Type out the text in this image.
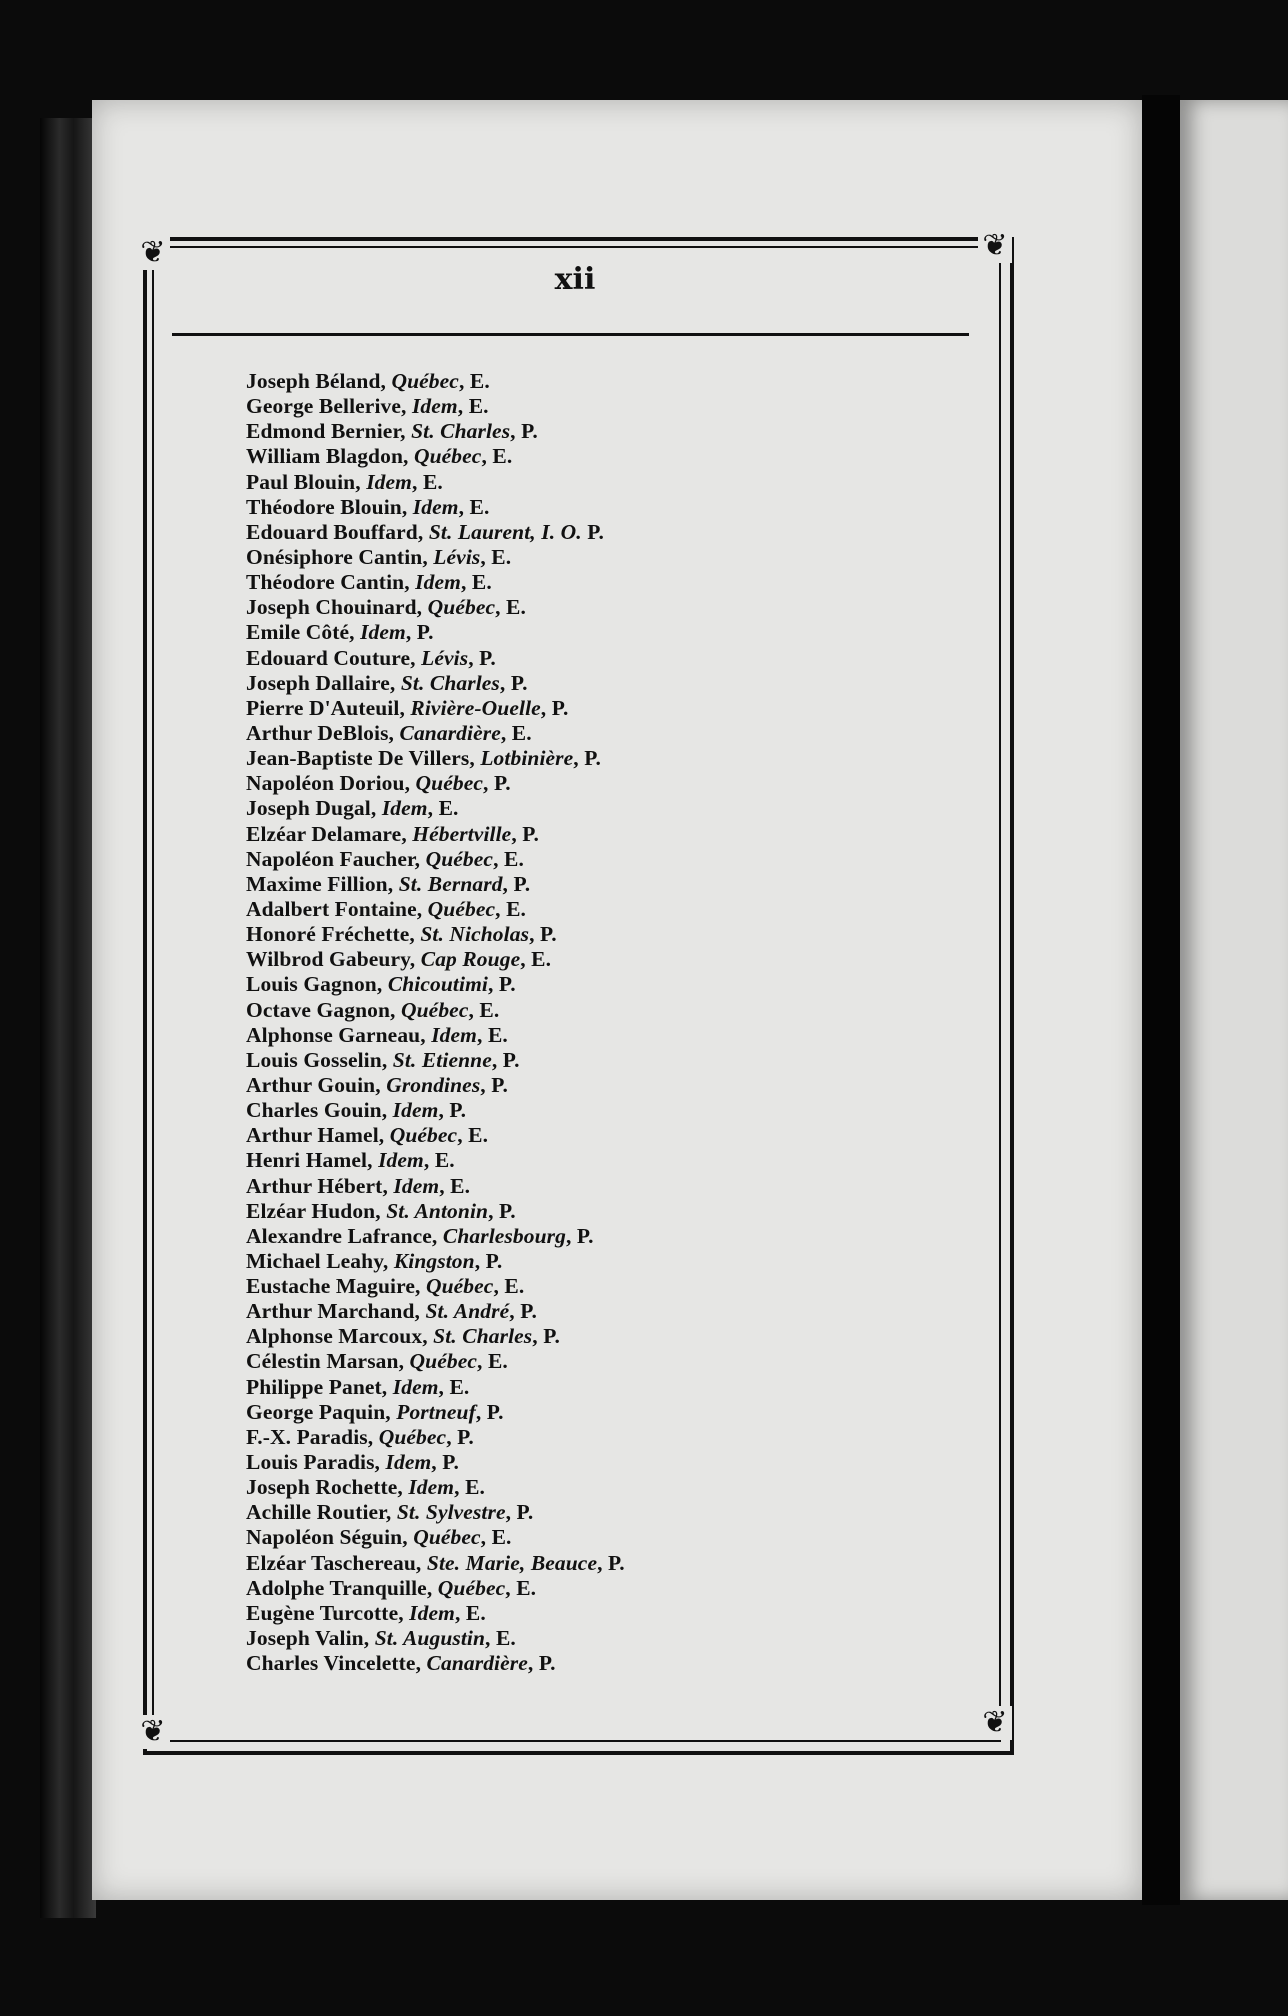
❦	❦
❦	❦
xii
Joseph Béland, Québec, E.
George Bellerive, Idem, E.
Edmond Bernier, St. Charles, P.
William Blagdon, Québec, E.
Paul Blouin, Idem, E.
Théodore Blouin, Idem, E.
Edouard Bouffard, St. Laurent, I. O. P.
Onésiphore Cantin, Lévis, E.
Théodore Cantin, Idem, E.
Joseph Chouinard, Québec, E.
Emile Côté, Idem, P.
Edouard Couture, Lévis, P.
Joseph Dallaire, St. Charles, P.
Pierre D'Auteuil, Rivière-Ouelle, P.
Arthur DeBlois, Canardière, E.
Jean-Baptiste De Villers, Lotbinière, P.
Napoléon Doriou, Québec, P.
Joseph Dugal, Idem, E.
Elzéar Delamare, Hébertville, P.
Napoléon Faucher, Québec, E.
Maxime Fillion, St. Bernard, P.
Adalbert Fontaine, Québec, E.
Honoré Fréchette, St. Nicholas, P.
Wilbrod Gabeury, Cap Rouge, E.
Louis Gagnon, Chicoutimi, P.
Octave Gagnon, Québec, E.
Alphonse Garneau, Idem, E.
Louis Gosselin, St. Etienne, P.
Arthur Gouin, Grondines, P.
Charles Gouin, Idem, P.
Arthur Hamel, Québec, E.
Henri Hamel, Idem, E.
Arthur Hébert, Idem, E.
Elzéar Hudon, St. Antonin, P.
Alexandre Lafrance, Charlesbourg, P.
Michael Leahy, Kingston, P.
Eustache Maguire, Québec, E.
Arthur Marchand, St. André, P.
Alphonse Marcoux, St. Charles, P.
Célestin Marsan, Québec, E.
Philippe Panet, Idem, E.
George Paquin, Portneuf, P.
F.-X. Paradis, Québec, P.
Louis Paradis, Idem, P.
Joseph Rochette, Idem, E.
Achille Routier, St. Sylvestre, P.
Napoléon Séguin, Québec, E.
Elzéar Taschereau, Ste. Marie, Beauce, P.
Adolphe Tranquille, Québec, E.
Eugène Turcotte, Idem, E.
Joseph Valin, St. Augustin, E.
Charles Vincelette, Canardière, P.
